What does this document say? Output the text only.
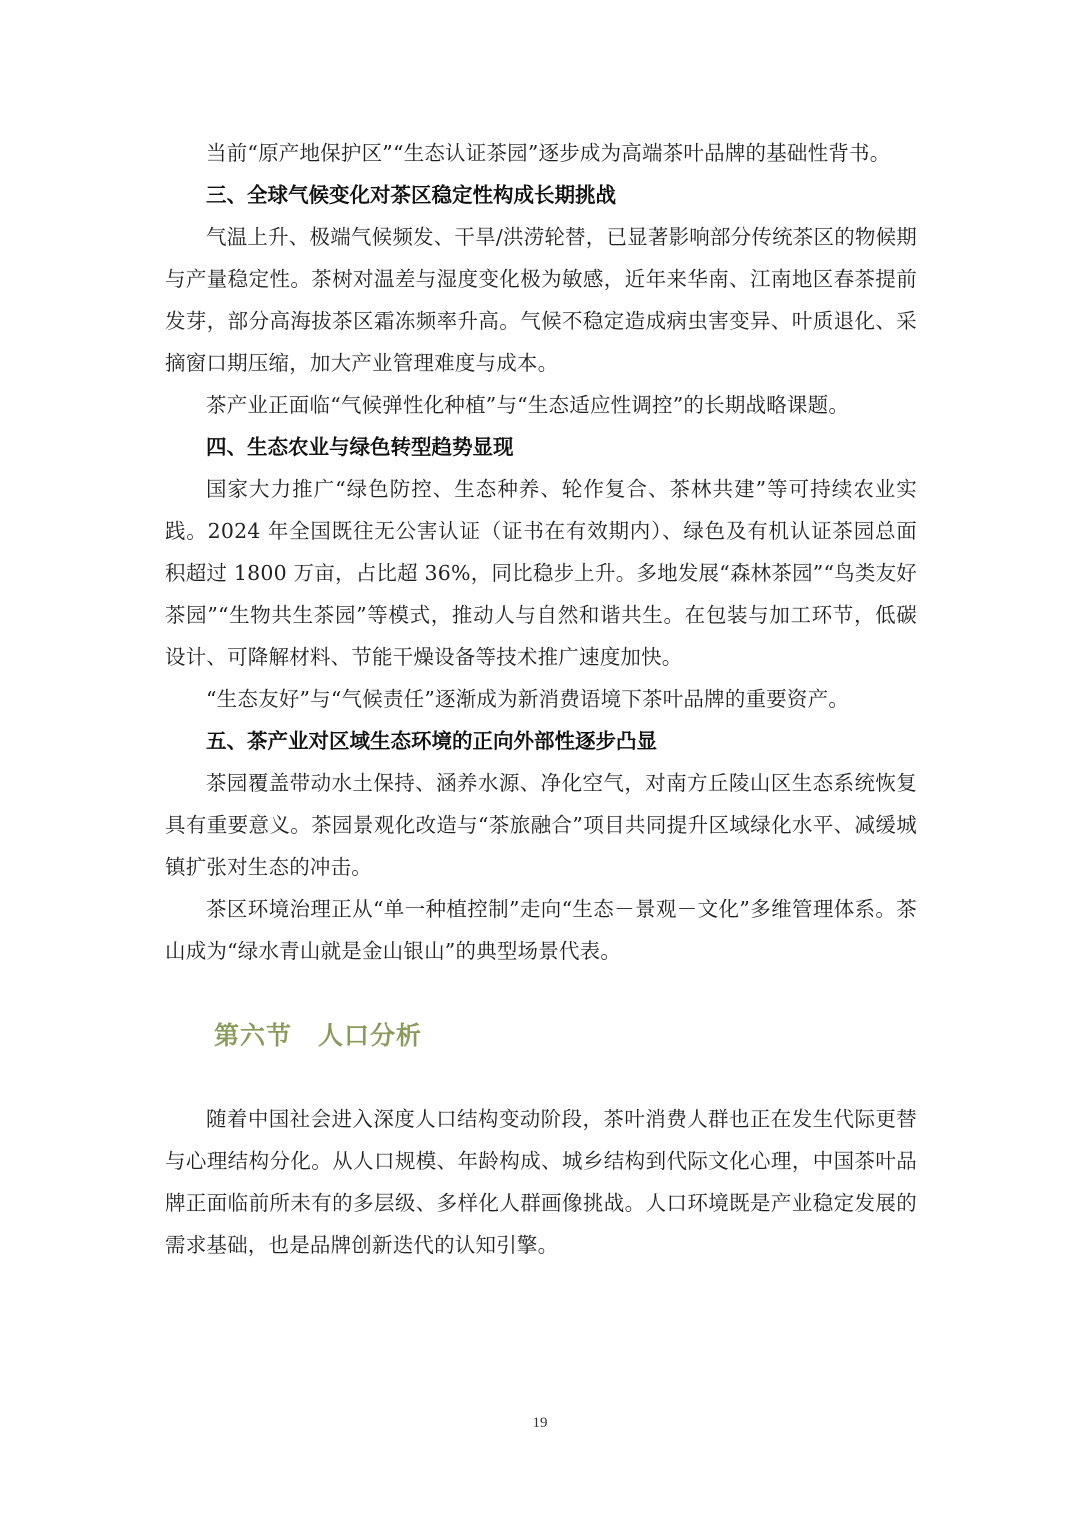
当前“原产地保护区”“生态认证茶园”逐步成为高端茶叶品牌的基础性背书。

三、全球气候变化对茶区稳定性构成长期挑战

气温上升、极端气候频发、干旱/洪涝轮替，已显著影响部分传统茶区的物候期与产量稳定性。茶树对温差与湿度变化极为敏感，近年来华南、江南地区春茶提前发芽，部分高海拔茶区霜冻频率升高。气候不稳定造成病虫害变异、叶质退化、采摘窗口期压缩，加大产业管理难度与成本。

茶产业正面临“气候弹性化种植”与“生态适应性调控”的长期战略课题。

四、生态农业与绿色转型趋势显现

国家大力推广“绿色防控、生态种养、轮作复合、茶林共建”等可持续农业实践。2024 年全国既往无公害认证（证书在有效期内）、绿色及有机认证茶园总面积超过 1800 万亩，占比超 36%，同比稳步上升。多地发展“森林茶园”“鸟类友好茶园”“生物共生茶园”等模式，推动人与自然和谐共生。在包装与加工环节，低碳设计、可降解材料、节能干燥设备等技术推广速度加快。

“生态友好”与“气候责任”逐渐成为新消费语境下茶叶品牌的重要资产。

五、茶产业对区域生态环境的正向外部性逐步凸显

茶园覆盖带动水土保持、涵养水源、净化空气，对南方丘陵山区生态系统恢复具有重要意义。茶园景观化改造与“茶旅融合”项目共同提升区域绿化水平、减缓城镇扩张对生态的冲击。

茶区环境治理正从“单一种植控制”走向“生态－景观－文化”多维管理体系。茶山成为“绿水青山就是金山银山”的典型场景代表。

第六节 人口分析

随着中国社会进入深度人口结构变动阶段，茶叶消费人群也正在发生代际更替与心理结构分化。从人口规模、年龄构成、城乡结构到代际文化心理，中国茶叶品牌正面临前所未有的多层级、多样化人群画像挑战。人口环境既是产业稳定发展的需求基础，也是品牌创新迭代的认知引擎。

19
